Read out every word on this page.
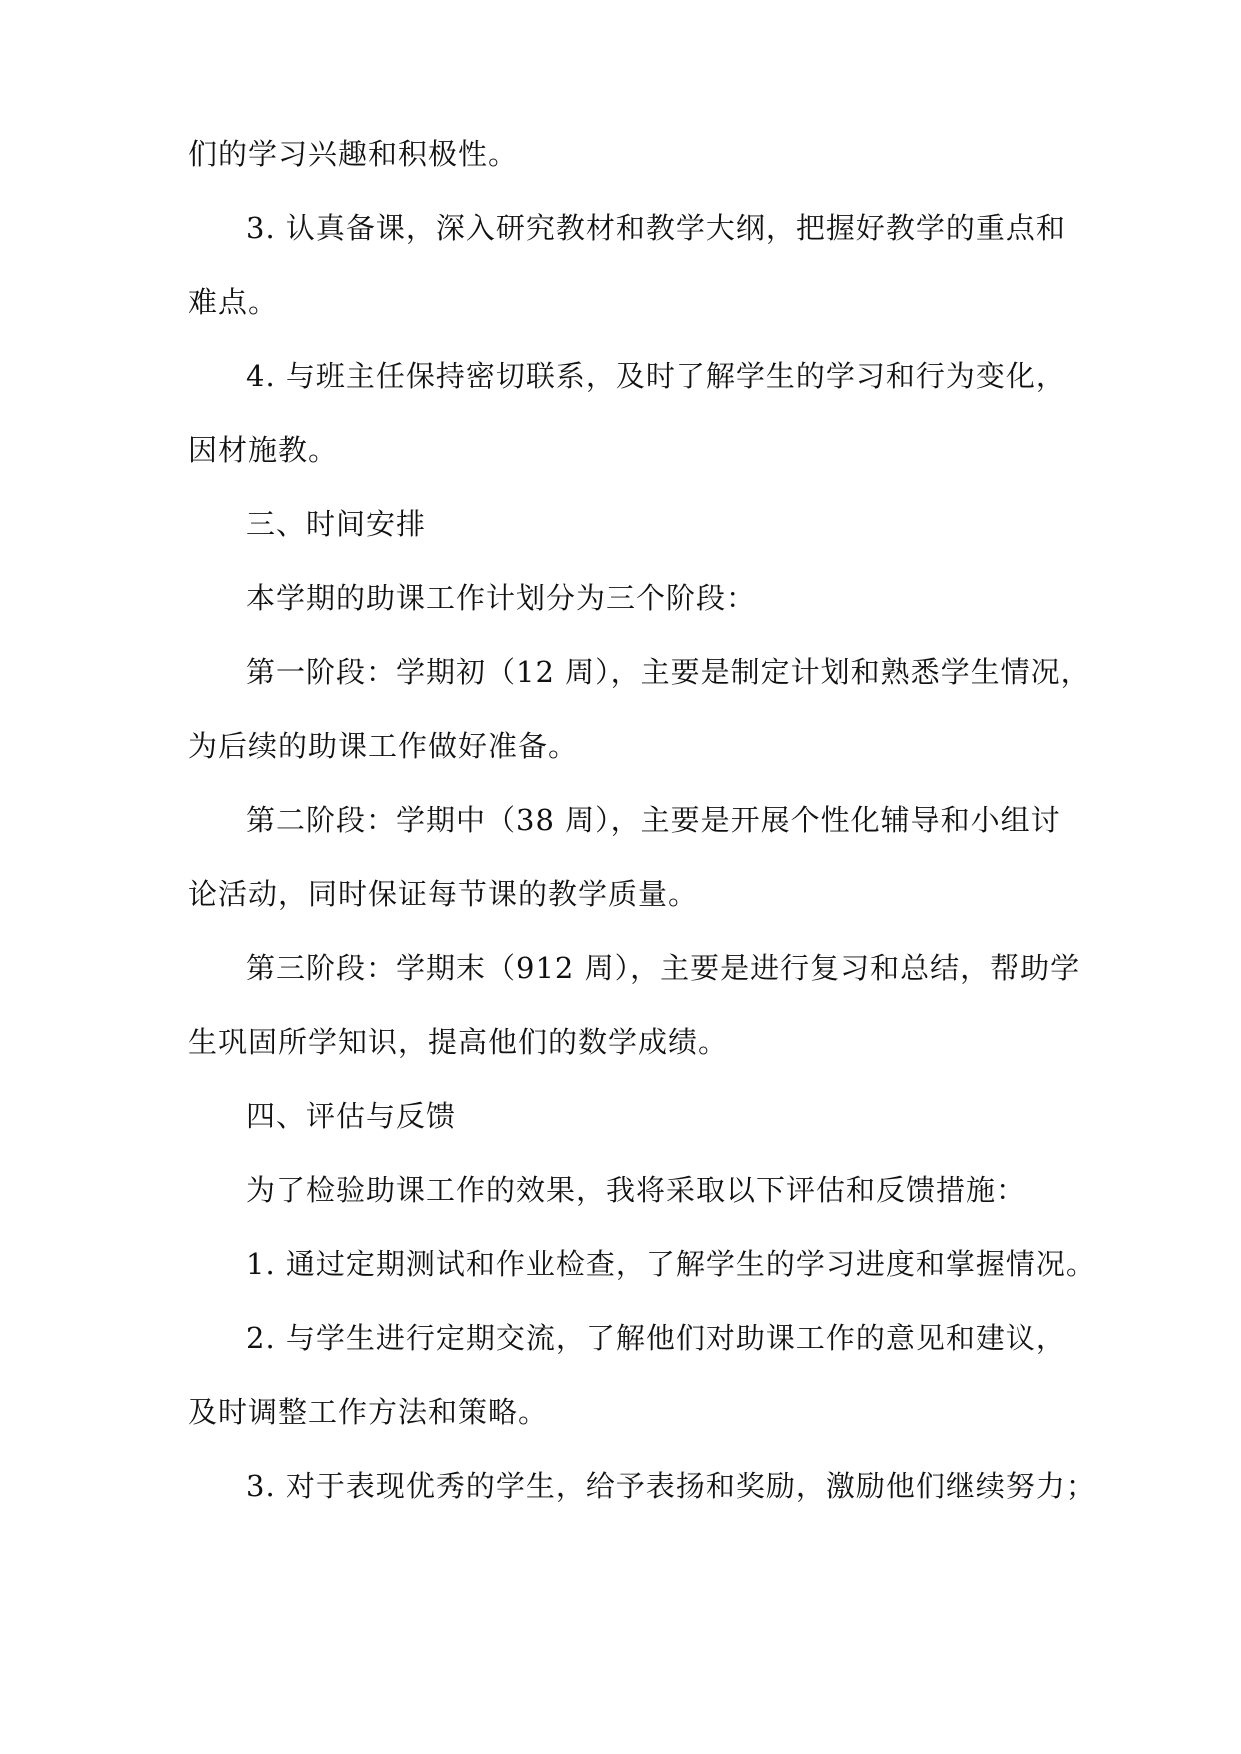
们的学习兴趣和积极性。
3. 认真备课，深入研究教材和教学大纲，把握好教学的重点和
难点。
4. 与班主任保持密切联系，及时了解学生的学习和行为变化，
因材施教。
三、时间安排
本学期的助课工作计划分为三个阶段：
第一阶段：学期初（12 周），主要是制定计划和熟悉学生情况，
为后续的助课工作做好准备。
第二阶段：学期中（38 周），主要是开展个性化辅导和小组讨
论活动，同时保证每节课的教学质量。
第三阶段：学期末（912 周），主要是进行复习和总结，帮助学
生巩固所学知识，提高他们的数学成绩。
四、评估与反馈
为了检验助课工作的效果，我将采取以下评估和反馈措施：
1. 通过定期测试和作业检查，了解学生的学习进度和掌握情况。
2. 与学生进行定期交流，了解他们对助课工作的意见和建议，
及时调整工作方法和策略。
3. 对于表现优秀的学生，给予表扬和奖励，激励他们继续努力；
